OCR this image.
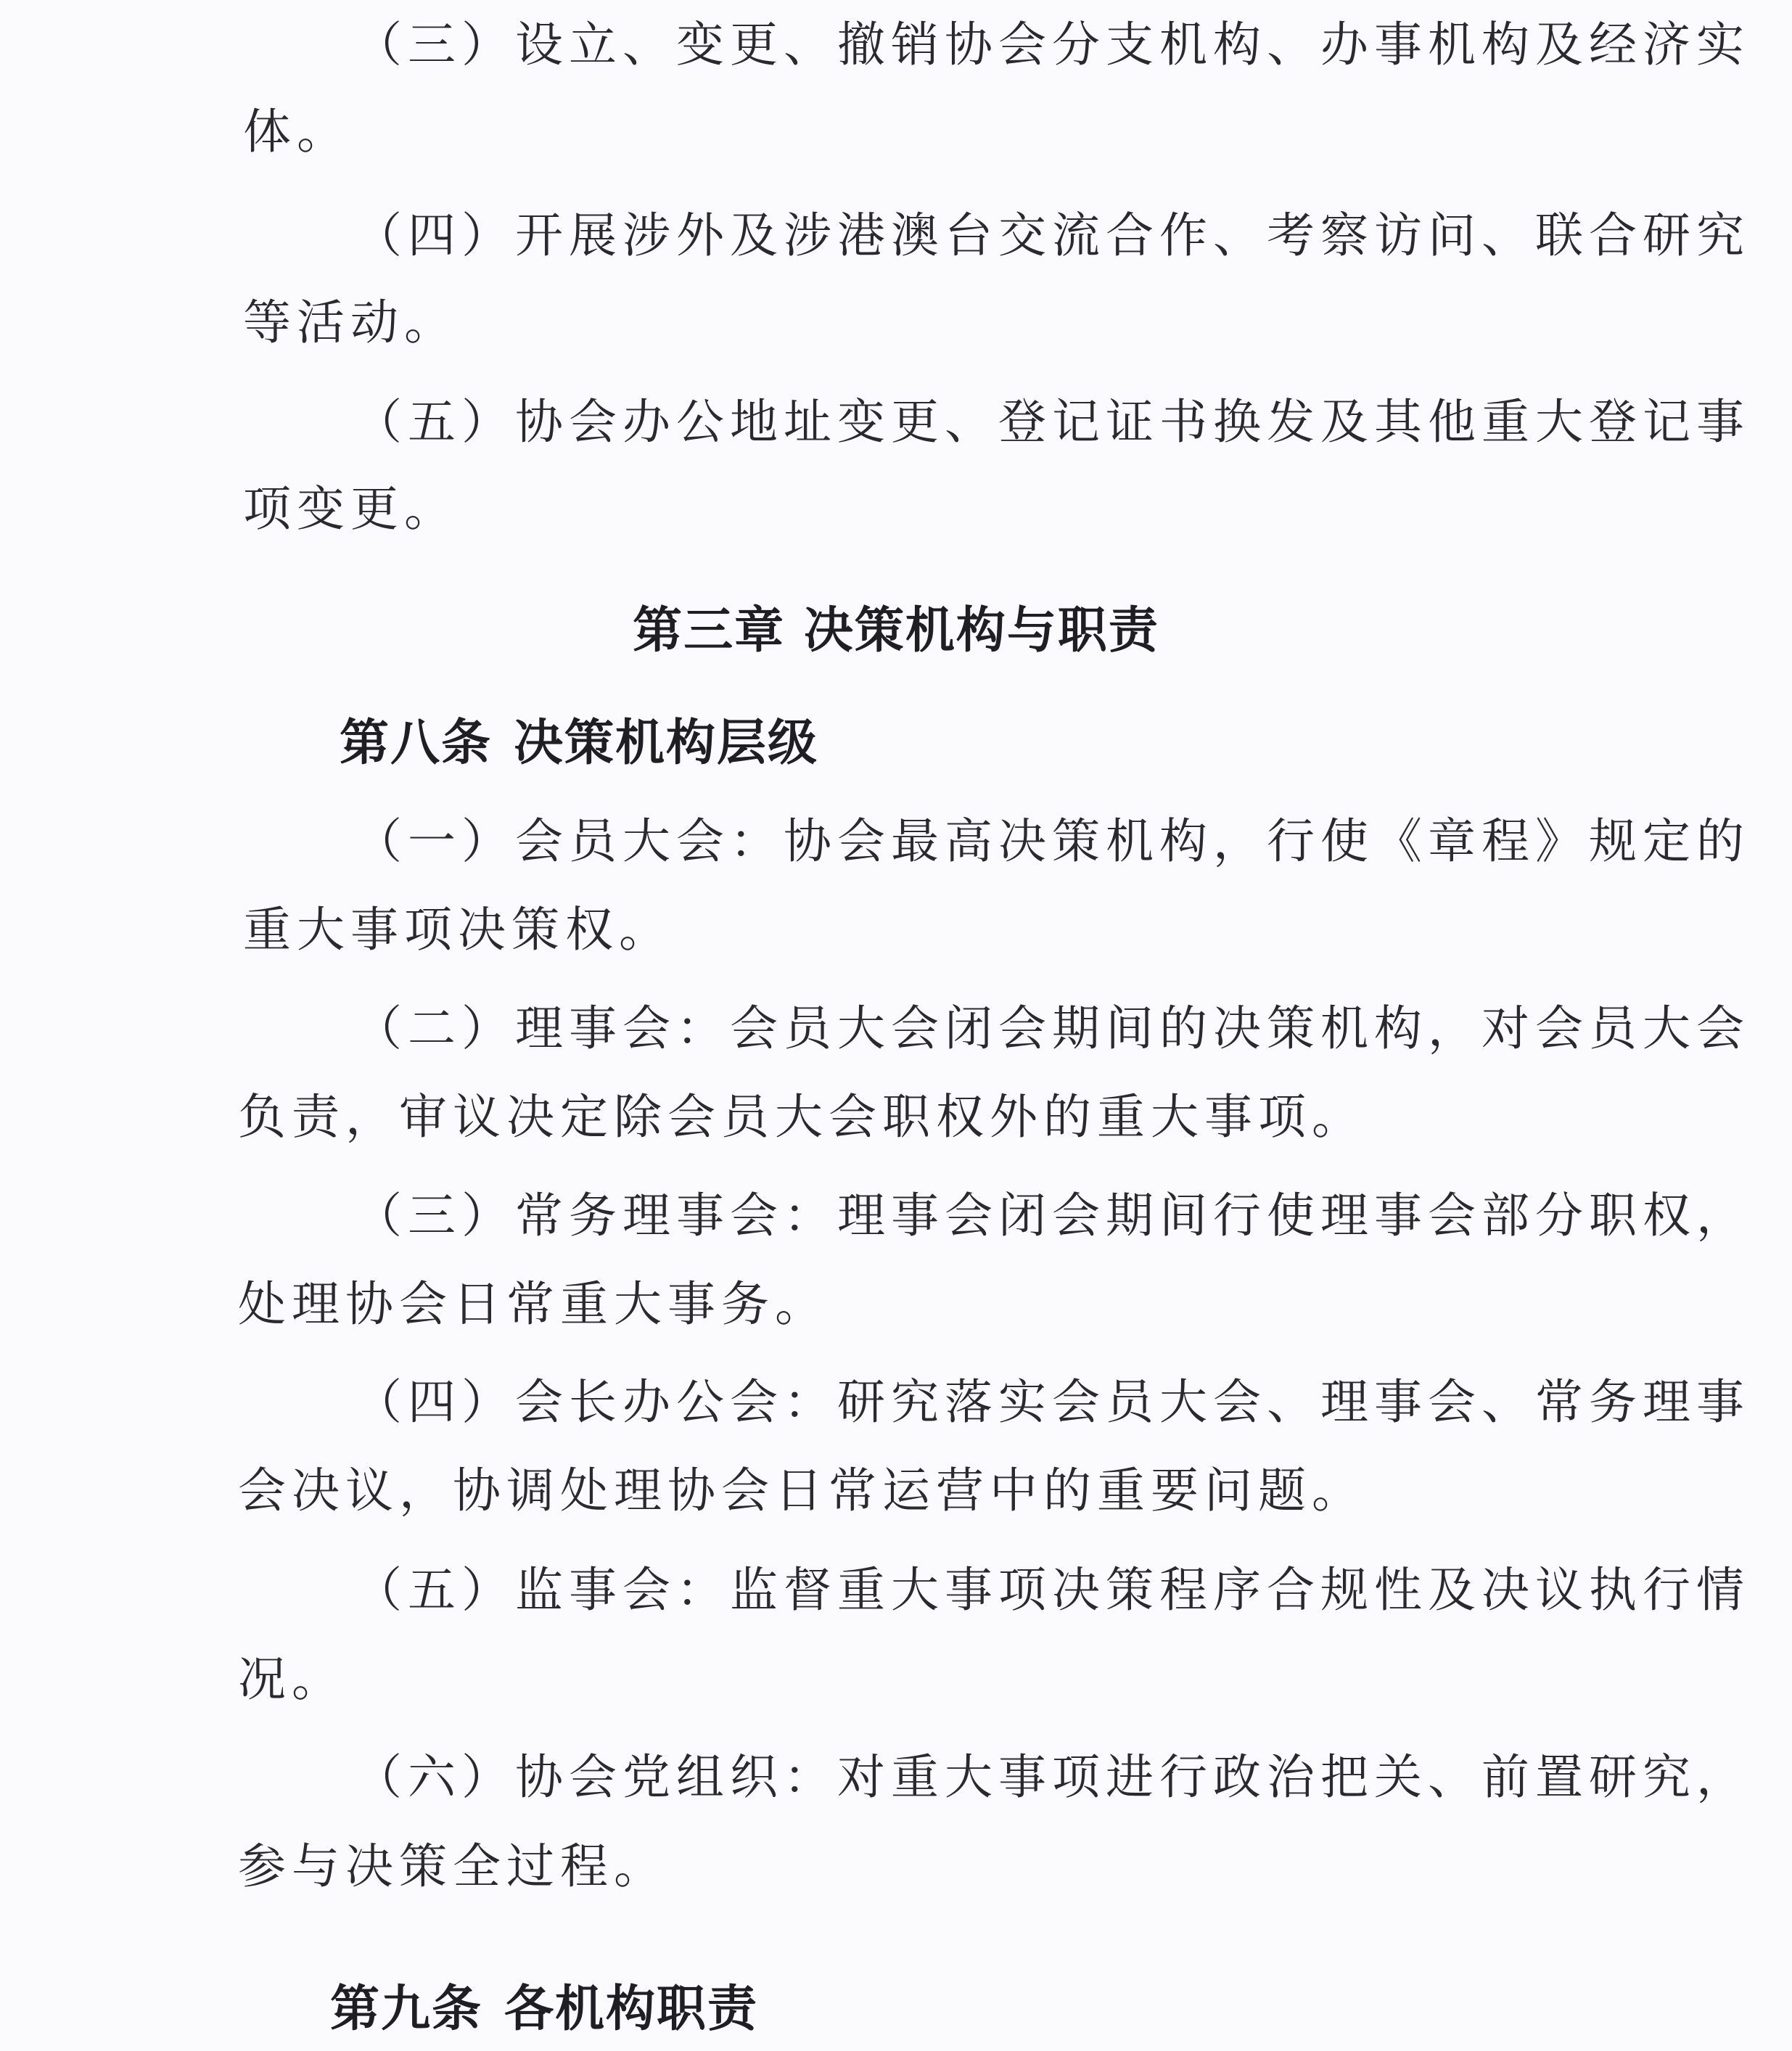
（三）设立、变更、撤销协会分支机构、办事机构及经济实
体。
（四）开展涉外及涉港澳台交流合作、考察访问、联合研究
等活动。
（五）协会办公地址变更、登记证书换发及其他重大登记事
项变更。
第三章 决策机构与职责
第八条 决策机构层级
（一）会员大会：协会最高决策机构，行使《章程》规定的
重大事项决策权。
（二）理事会：会员大会闭会期间的决策机构，对会员大会
负责，审议决定除会员大会职权外的重大事项。
（三）常务理事会：理事会闭会期间行使理事会部分职权，
处理协会日常重大事务。
（四）会长办公会：研究落实会员大会、理事会、常务理事
会决议，协调处理协会日常运营中的重要问题。
（五）监事会：监督重大事项决策程序合规性及决议执行情
况。
（六）协会党组织：对重大事项进行政治把关、前置研究，
参与决策全过程。
第九条 各机构职责
